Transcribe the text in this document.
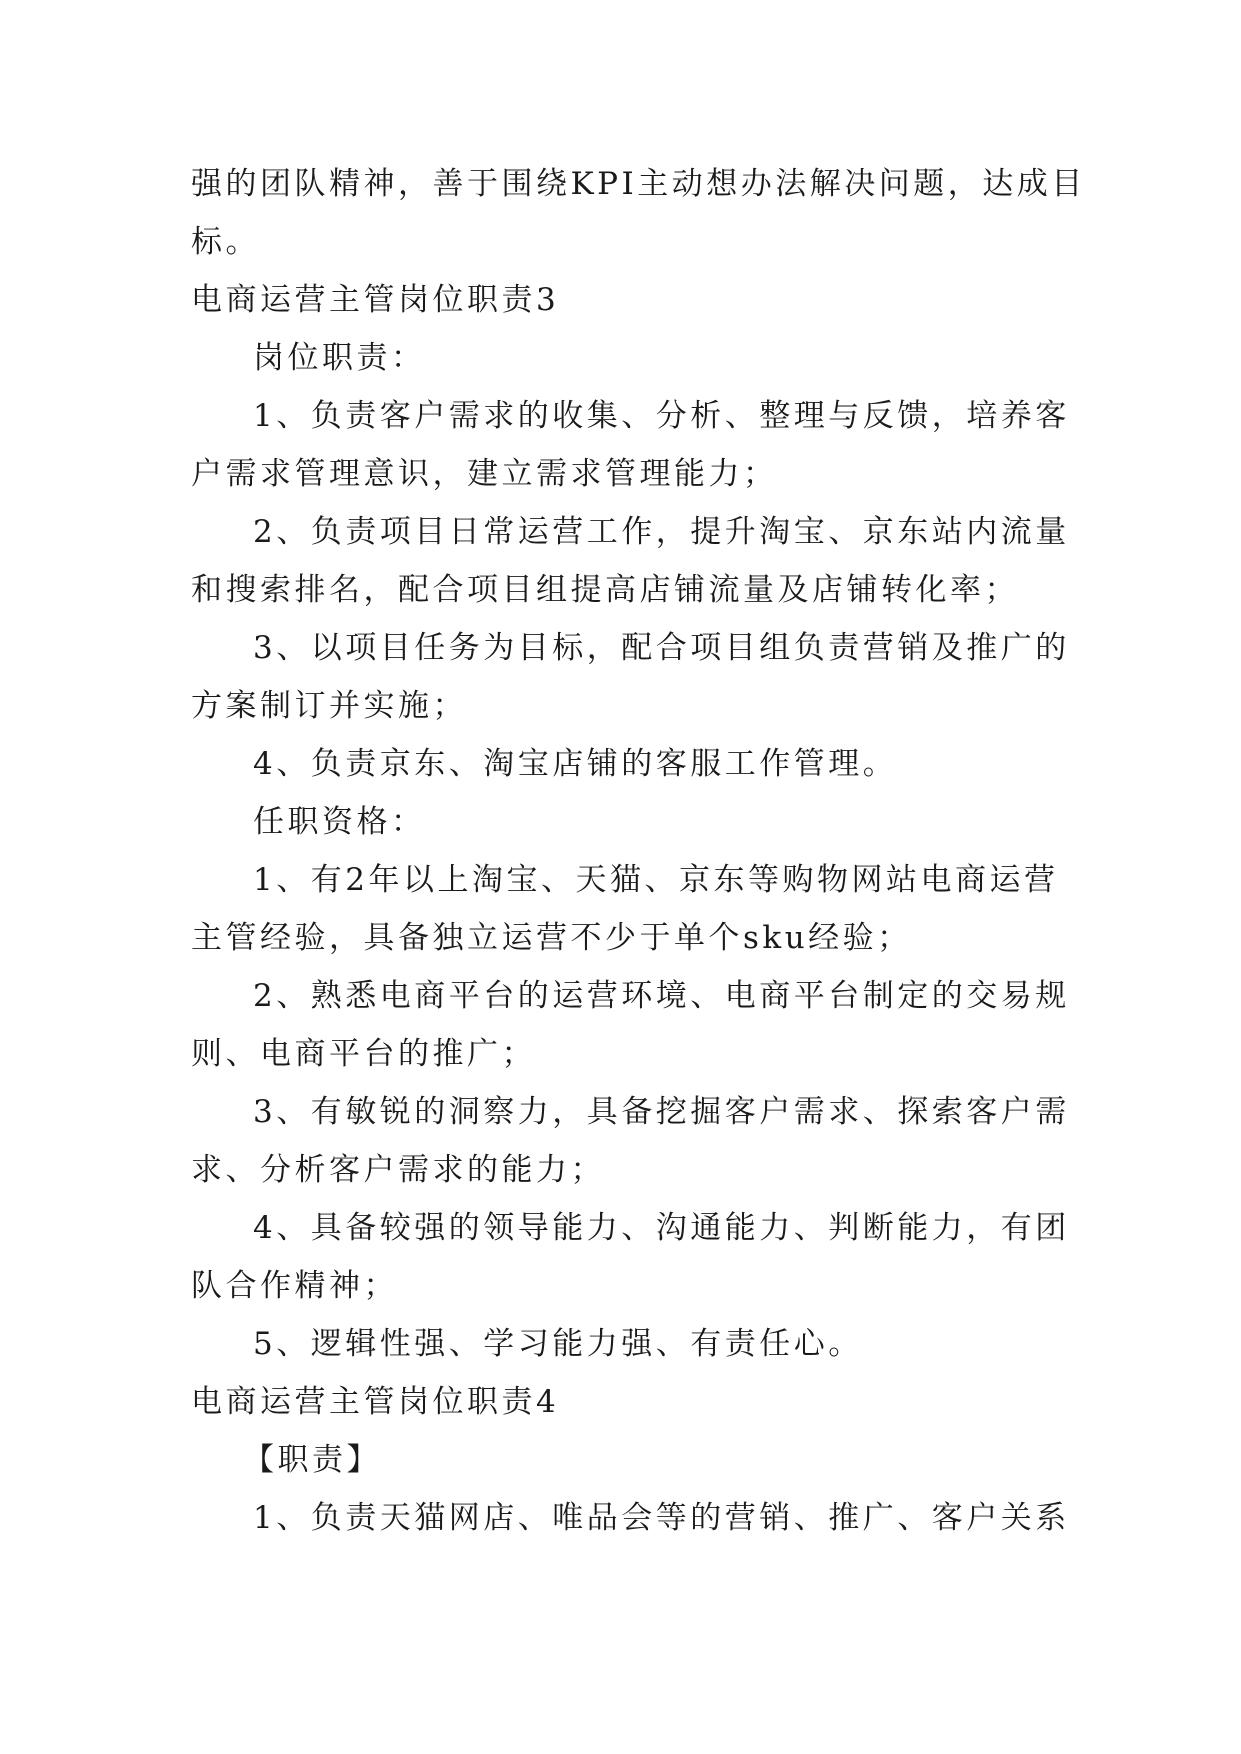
强的团队精神，善于围绕KPI主动想办法解决问题，达成目
标。
电商运营主管岗位职责3
岗位职责：
1、负责客户需求的收集、分析、整理与反馈，培养客
户需求管理意识，建立需求管理能力；
2、负责项目日常运营工作，提升淘宝、京东站内流量
和搜索排名，配合项目组提高店铺流量及店铺转化率；
3、以项目任务为目标，配合项目组负责营销及推广的
方案制订并实施；
4、负责京东、淘宝店铺的客服工作管理。
任职资格：
1、有2年以上淘宝、天猫、京东等购物网站电商运营
主管经验，具备独立运营不少于单个sku经验；
2、熟悉电商平台的运营环境、电商平台制定的交易规
则、电商平台的推广；
3、有敏锐的洞察力，具备挖掘客户需求、探索客户需
求、分析客户需求的能力；
4、具备较强的领导能力、沟通能力、判断能力，有团
队合作精神；
5、逻辑性强、学习能力强、有责任心。
电商运营主管岗位职责4
【职责】
1、负责天猫网店、唯品会等的营销、推广、客户关系
